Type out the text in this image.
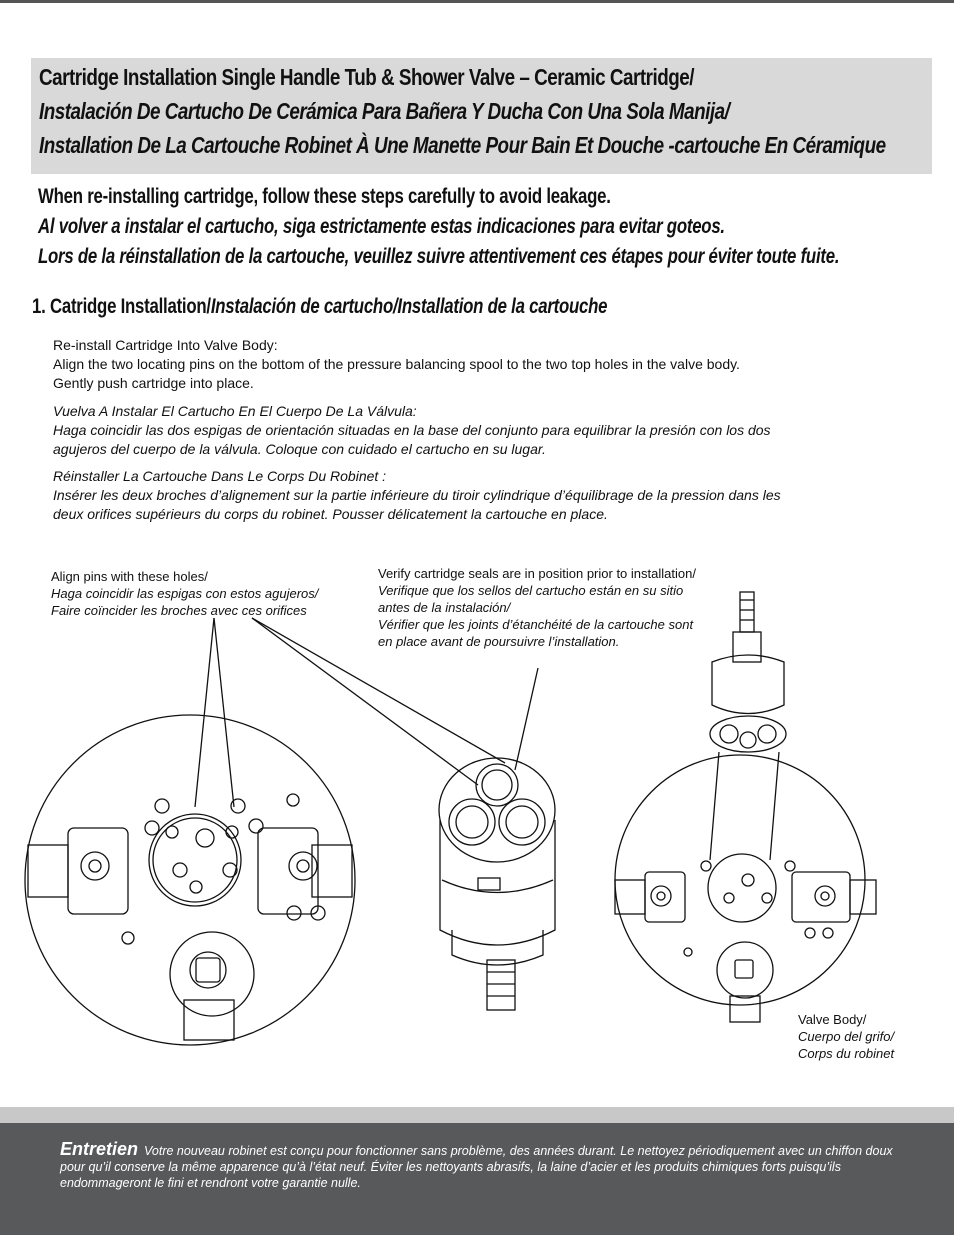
Cartridge Installation Single Handle Tub & Shower Valve – Ceramic Cartridge/
Instalación De Cartucho De Cerámica Para Bañera Y Ducha Con Una Sola Manija/
Installation De La Cartouche Robinet À Une Manette Pour Bain Et Douche -cartouche En Céramique
When re-installing cartridge, follow these steps carefully to avoid leakage.
Al volver a instalar el cartucho, siga estrictamente estas indicaciones para evitar goteos.
Lors de la réinstallation de la cartouche, veuillez suivre attentivement ces étapes pour éviter toute fuite.
1. Catridge Installation/Instalación de cartucho/Installation de la cartouche
Re-install Cartridge Into Valve Body:
Align the two locating pins on the bottom of the pressure balancing spool to the two top holes in the valve body.
Gently push cartridge into place.
Vuelva A Instalar El Cartucho En El Cuerpo De La Válvula:
Haga coincidir las dos espigas de orientación situadas en la base del conjunto para equilibrar la presión con los dos
agujeros del cuerpo de la válvula. Coloque con cuidado el cartucho en su lugar.
Réinstaller La Cartouche Dans Le Corps Du Robinet :
Insérer les deux broches d’alignement sur la partie inférieure du tiroir cylindrique d’équilibrage de la pression dans les
deux orifices supérieurs du corps du robinet. Pousser délicatement la cartouche en place.
Align pins with these holes/
Haga coincidir las espigas con estos agujeros/
Faire coïncider les broches avec ces orifices
Verify cartridge seals are in position prior to installation/
Verifique que los sellos del cartucho están en su sitio
antes de la instalación/
Vérifier que les joints d’étanchéité de la cartouche sont
en place avant de poursuivre l’installation.
Valve Body/
Cuerpo del grifo/
Corps du robinet
Entretien Votre nouveau robinet est conçu pour fonctionner sans problème, des années durant. Le nettoyez périodiquement avec un chiffon doux pour qu’il conserve la même apparence qu’à l’état neuf. Éviter les nettoyants abrasifs, la laine d’acier et les produits chimiques forts puisqu’ils endommageront le fini et rendront votre garantie nulle.
